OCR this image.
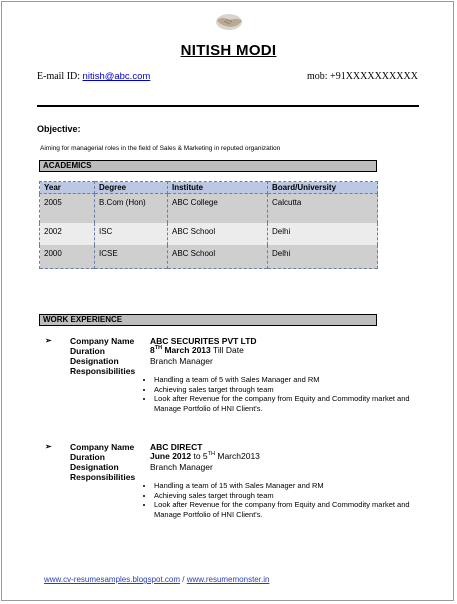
NITISH MODI
E-mail ID: nitish@abc.com	mob: +91XXXXXXXXXX
Objective:
Aiming for managerial roles in the field of Sales & Marketing in reputed organization
ACADEMICS
Year	Degree	Institute	Board/University
2005	B.Com (Hon)	ABC College	Calcutta
2002	ISC	ABC School	Delhi
2000	ICSE	ABC School	Delhi
WORK EXPERIENCE
➢ Company Name ABC SECURITES PVT LTD
Duration	8TH March 2013 Till Date
Designation	Branch Manager
Responsibilities
• Handling a team of 5 with Sales Manager and RM
• Achieving sales target through team
• Look after Revenue for the company from Equity and Commodity market and
Manage Portfolio of HNI Client's.
➢ Company Name ABC DIRECT
Duration	June 2012 to 5TH March2013
Designation	Branch Manager
Responsibilities
• Handling a team of 15 with Sales Manager and RM
• Achieving sales target through team
• Look after Revenue for the company from Equity and Commodity market and
Manage Portfolio of HNI Client's.
www.cv-resumesamples.blogspot.com / www.resumemonster.in
